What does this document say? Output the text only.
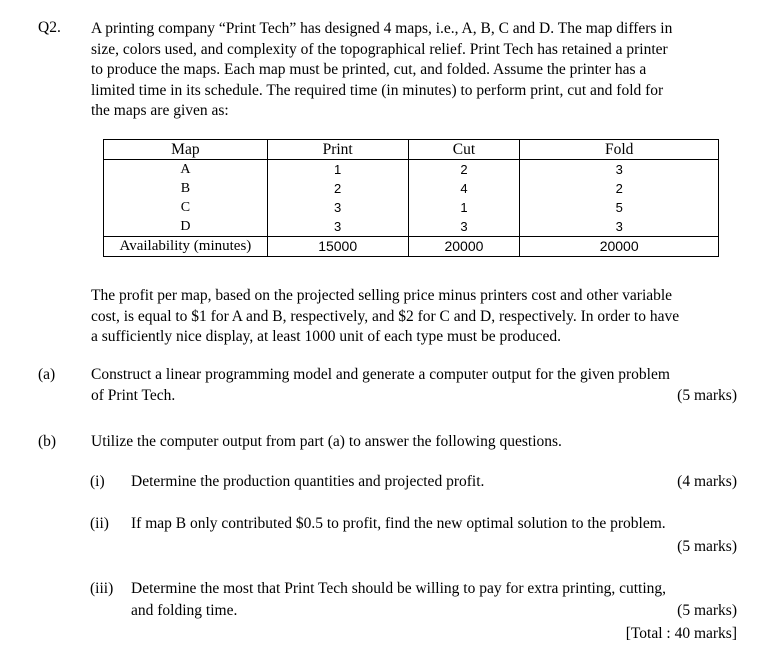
Q2. A printing company “Print Tech” has designed 4 maps, i.e., A, B, C and D. The map differs in
size, colors used, and complexity of the topographical relief. Print Tech has retained a printer
to produce the maps. Each map must be printed, cut, and folded. Assume the printer has a
limited time in its schedule. The required time (in minutes) to perform print, cut and fold for
the maps are given as:
Map	Print	Cut	Fold
A	1	2	3
B	2	4	2
C	3	1	5
D	3	3	3
Availability (minutes)	15000	20000	20000
The profit per map, based on the projected selling price minus printers cost and other variable
cost, is equal to $1 for A and B, respectively, and $2 for C and D, respectively. In order to have
a sufficiently nice display, at least 1000 unit of each type must be produced.
(a) Construct a linear programming model and generate a computer output for the given problem
of Print Tech.	(5 marks)
(b) Utilize the computer output from part (a) to answer the following questions.
(i) Determine the production quantities and projected profit.	(4 marks)
(ii) If map B only contributed $0.5 to profit, find the new optimal solution to the problem.
(5 marks)
(iii) Determine the most that Print Tech should be willing to pay for extra printing, cutting,
and folding time.	(5 marks)
[Total : 40 marks]
